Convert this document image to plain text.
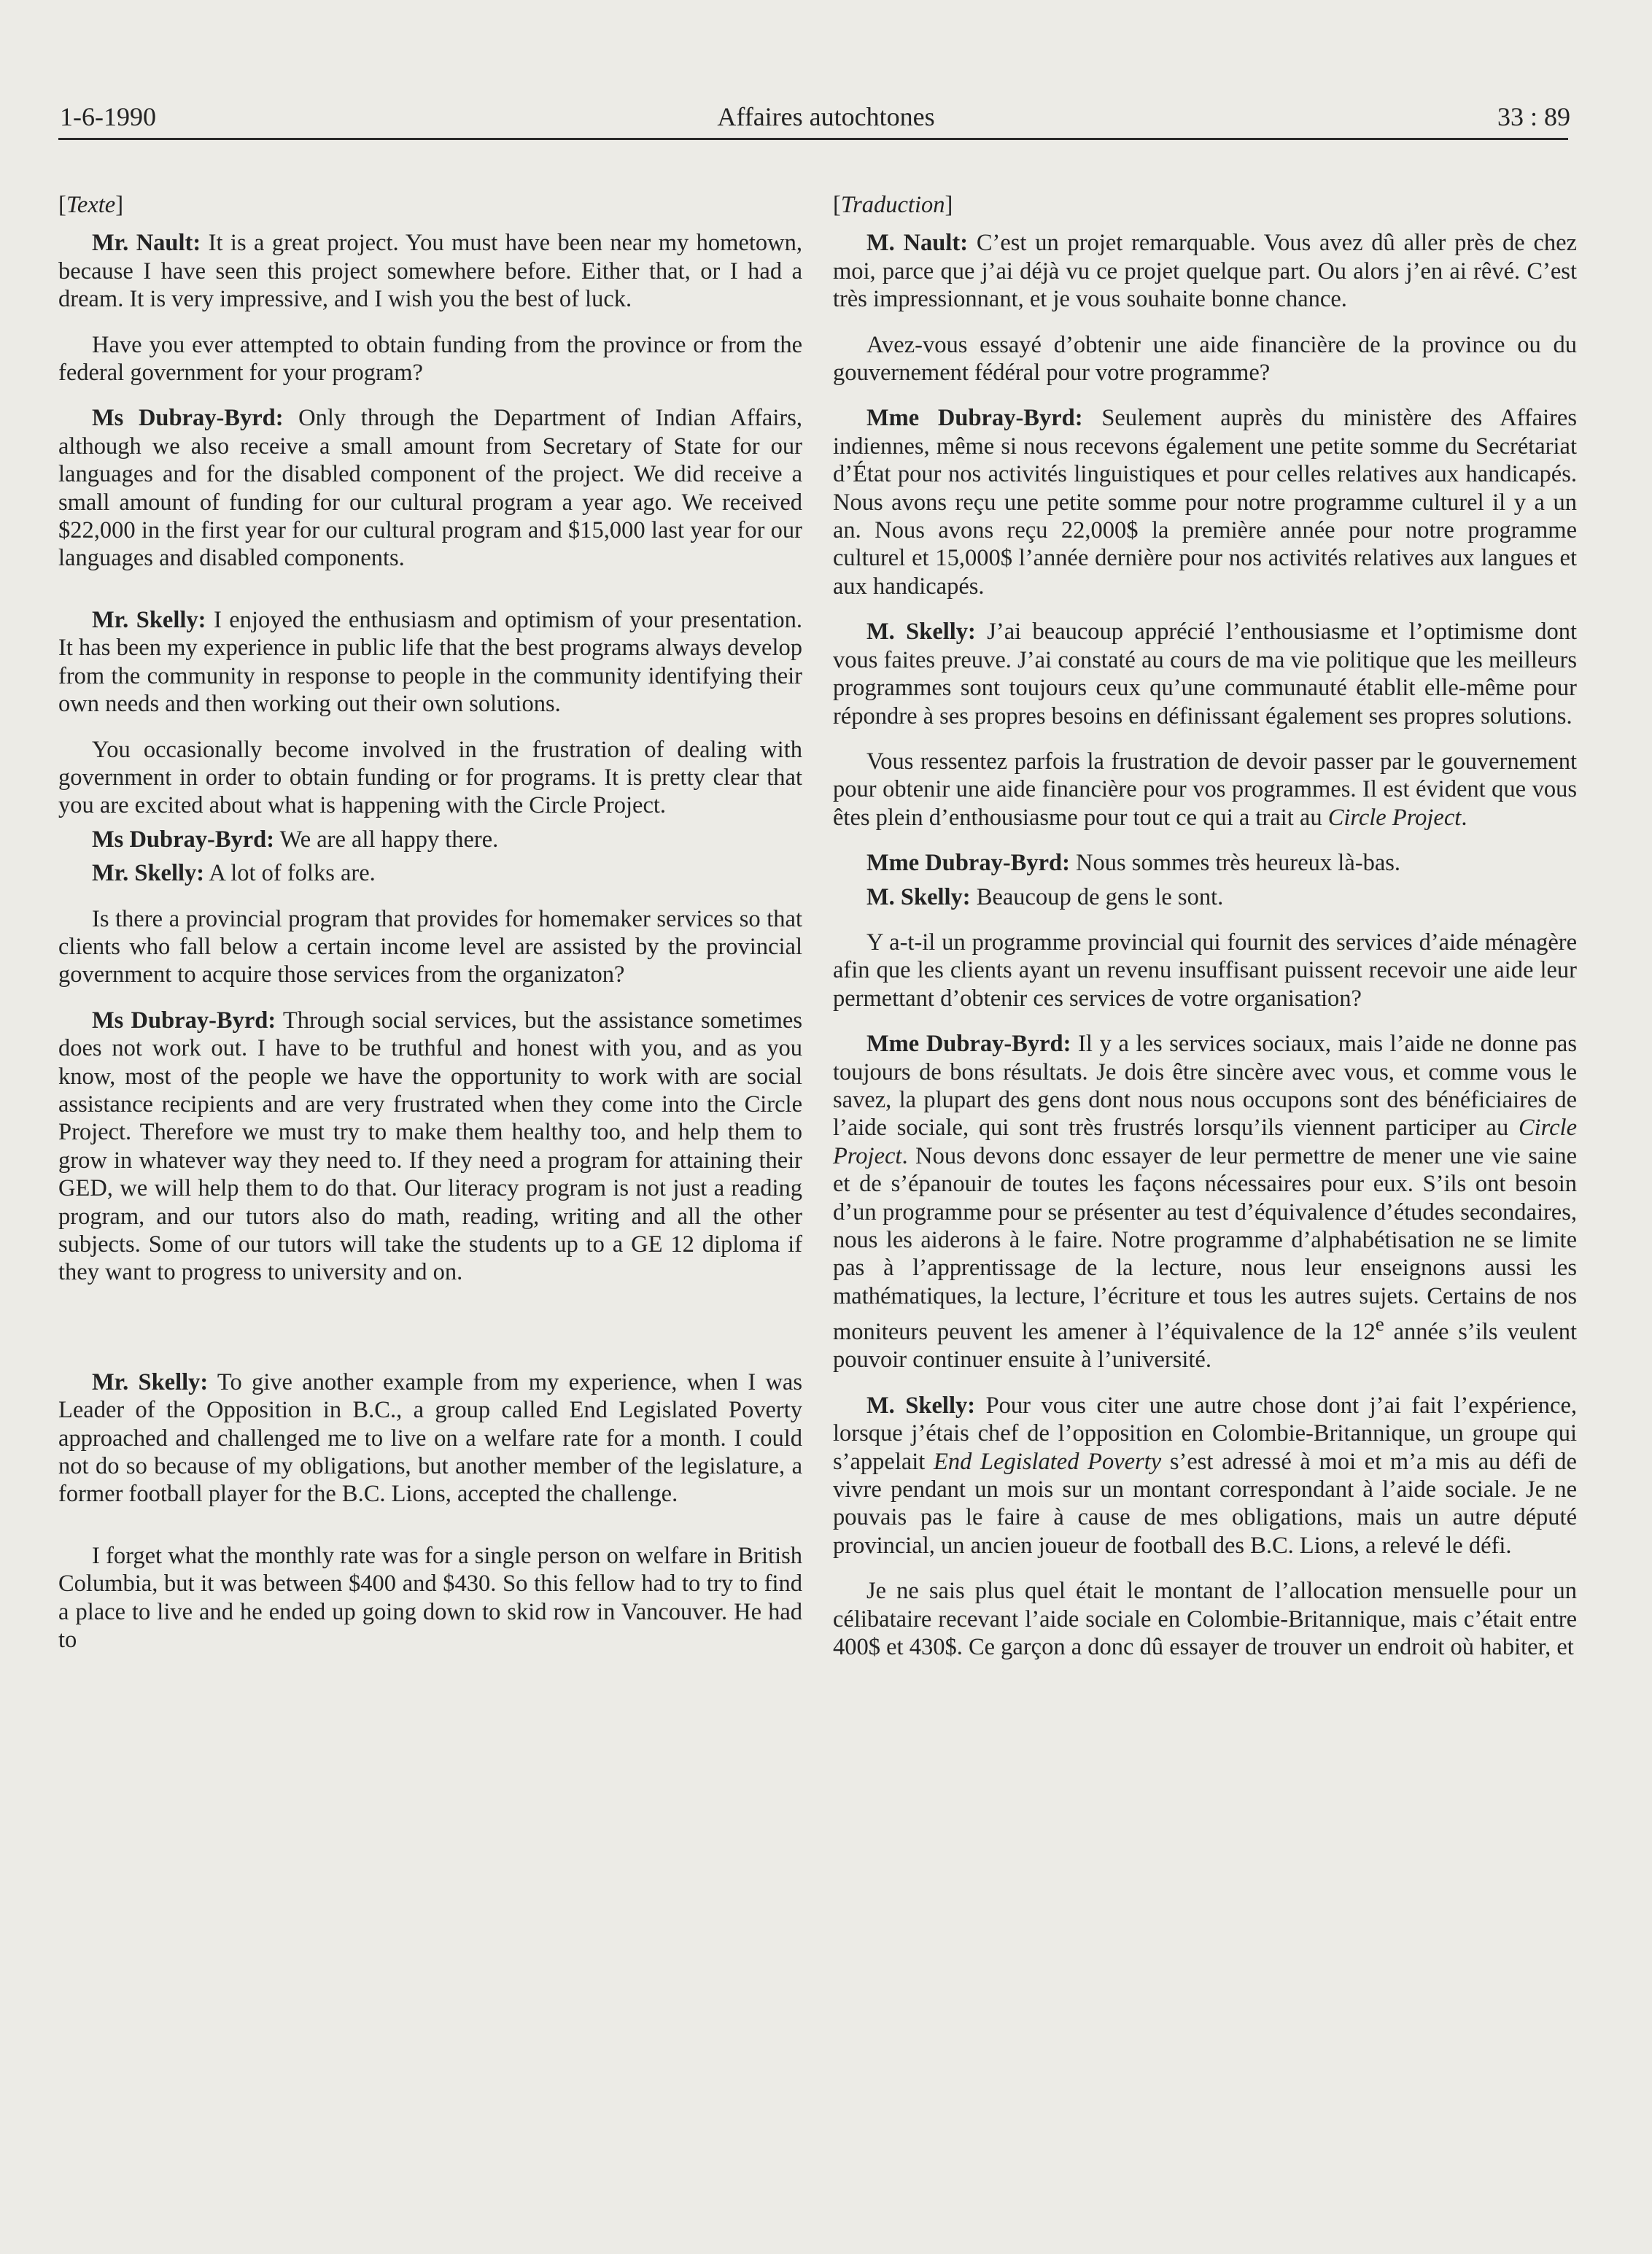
1-6-1990	Affaires autochtones	33 : 89

[Texte]

Mr. Nault: It is a great project. You must have been near my hometown, because I have seen this project somewhere before. Either that, or I had a dream. It is very impressive, and I wish you the best of luck.

Have you ever attempted to obtain funding from the province or from the federal government for your program?

Ms Dubray-Byrd: Only through the Department of Indian Affairs, although we also receive a small amount from Secretary of State for our languages and for the disabled component of the project. We did receive a small amount of funding for our cultural program a year ago. We received $22,000 in the first year for our cultural program and $15,000 last year for our languages and disabled components.

Mr. Skelly: I enjoyed the enthusiasm and optimism of your presentation. It has been my experience in public life that the best programs always develop from the community in response to people in the community identifying their own needs and then working out their own solutions.

You occasionally become involved in the frustration of dealing with government in order to obtain funding or for programs. It is pretty clear that you are excited about what is happening with the Circle Project.

Ms Dubray-Byrd: We are all happy there.

Mr. Skelly: A lot of folks are.

Is there a provincial program that provides for homemaker services so that clients who fall below a certain income level are assisted by the provincial government to acquire those services from the organizaton?

Ms Dubray-Byrd: Through social services, but the assistance sometimes does not work out. I have to be truthful and honest with you, and as you know, most of the people we have the opportunity to work with are social assistance recipients and are very frustrated when they come into the Circle Project. Therefore we must try to make them healthy too, and help them to grow in whatever way they need to. If they need a program for attaining their GED, we will help them to do that. Our literacy program is not just a reading program, and our tutors also do math, reading, writing and all the other subjects. Some of our tutors will take the students up to a GE 12 diploma if they want to progress to university and on.

Mr. Skelly: To give another example from my experience, when I was Leader of the Opposition in B.C., a group called End Legislated Poverty approached and challenged me to live on a welfare rate for a month. I could not do so because of my obligations, but another member of the legislature, a former football player for the B.C. Lions, accepted the challenge.

I forget what the monthly rate was for a single person on welfare in British Columbia, but it was between $400 and $430. So this fellow had to try to find a place to live and he ended up going down to skid row in Vancouver. He had to

[Traduction]

M. Nault: C’est un projet remarquable. Vous avez dû aller près de chez moi, parce que j’ai déjà vu ce projet quelque part. Ou alors j’en ai rêvé. C’est très impressionnant, et je vous souhaite bonne chance.

Avez-vous essayé d’obtenir une aide financière de la province ou du gouvernement fédéral pour votre programme?

Mme Dubray-Byrd: Seulement auprès du ministère des Affaires indiennes, même si nous recevons également une petite somme du Secrétariat d’État pour nos activités linguistiques et pour celles relatives aux handicapés. Nous avons reçu une petite somme pour notre programme culturel il y a un an. Nous avons reçu 22,000$ la première année pour notre programme culturel et 15,000$ l’année dernière pour nos activités relatives aux langues et aux handicapés.

M. Skelly: J’ai beaucoup apprécié l’enthousiasme et l’optimisme dont vous faites preuve. J’ai constaté au cours de ma vie politique que les meilleurs programmes sont toujours ceux qu’une communauté établit elle-même pour répondre à ses propres besoins en définissant également ses propres solutions.

Vous ressentez parfois la frustration de devoir passer par le gouvernement pour obtenir une aide financière pour vos programmes. Il est évident que vous êtes plein d’enthousiasme pour tout ce qui a trait au Circle Project.

Mme Dubray-Byrd: Nous sommes très heureux là-bas.

M. Skelly: Beaucoup de gens le sont.

Y a-t-il un programme provincial qui fournit des services d’aide ménagère afin que les clients ayant un revenu insuffisant puissent recevoir une aide leur permettant d’obtenir ces services de votre organisation?

Mme Dubray-Byrd: Il y a les services sociaux, mais l’aide ne donne pas toujours de bons résultats. Je dois être sincère avec vous, et comme vous le savez, la plupart des gens dont nous nous occupons sont des bénéficiaires de l’aide sociale, qui sont très frustrés lorsqu’ils viennent participer au Circle Project. Nous devons donc essayer de leur permettre de mener une vie saine et de s’épanouir de toutes les façons nécessaires pour eux. S’ils ont besoin d’un programme pour se présenter au test d’équivalence d’études secondaires, nous les aiderons à le faire. Notre programme d’alphabétisation ne se limite pas à l’apprentissage de la lecture, nous leur enseignons aussi les mathématiques, la lecture, l’écriture et tous les autres sujets. Certains de nos moniteurs peuvent les amener à l’équivalence de la 12e année s’ils veulent pouvoir continuer ensuite à l’université.

M. Skelly: Pour vous citer une autre chose dont j’ai fait l’expérience, lorsque j’étais chef de l’opposition en Colombie-Britannique, un groupe qui s’appelait End Legislated Poverty s’est adressé à moi et m’a mis au défi de vivre pendant un mois sur un montant correspondant à l’aide sociale. Je ne pouvais pas le faire à cause de mes obligations, mais un autre député provincial, un ancien joueur de football des B.C. Lions, a relevé le défi.

Je ne sais plus quel était le montant de l’allocation mensuelle pour un célibataire recevant l’aide sociale en Colombie-Britannique, mais c’était entre 400$ et 430$. Ce garçon a donc dû essayer de trouver un endroit où habiter, et
